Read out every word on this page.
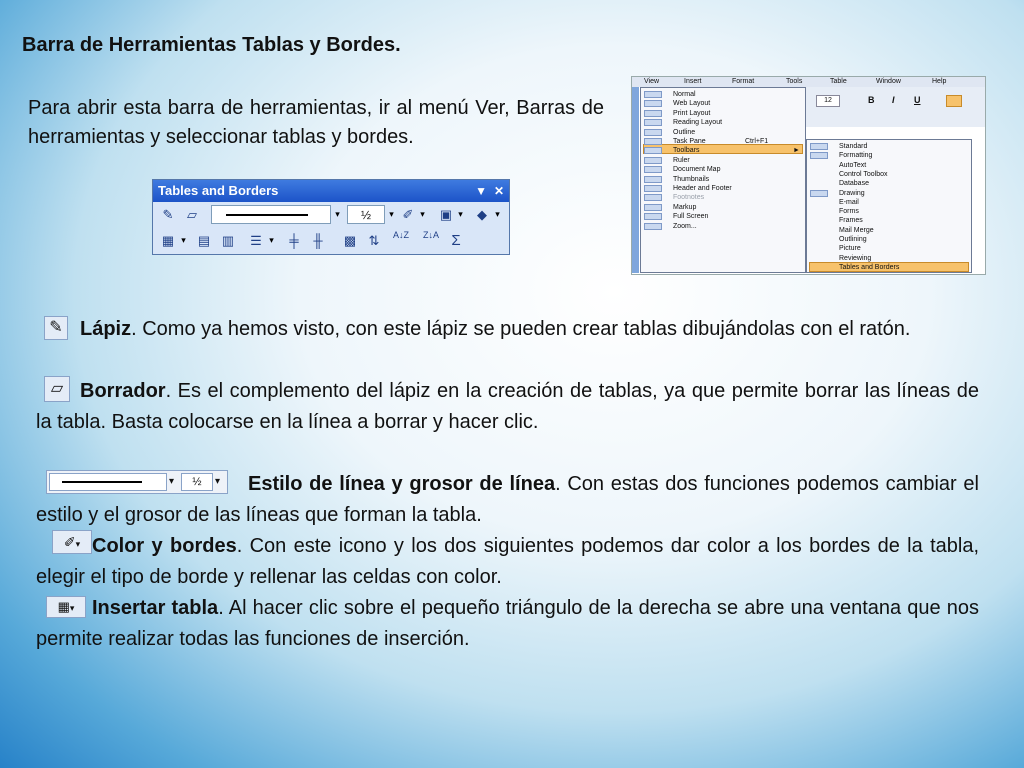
Barra de Herramientas Tablas y Bordes.
Para abrir esta barra de herramientas, ir al menú Ver, Barras de herramientas y seleccionar tablas y bordes.
Tables and Borders	▼ ✕
✎	▱	▾	½	▾ ✐ ▾ ▣ ▾	◆ ▾
▦ ▾ ▤ ▥ ☰ ▾	╪	╫	▩ ⇅	A↓Z	Z↓A Σ
View	Insert	Format	Tools	Table	Window	Help
12	B I U
Normal
Web Layout
Print Layout
Reading Layout
Outline
Task Pane	Ctrl+F1
Toolbars	►
Ruler
Document Map
Thumbnails
Header and Footer
Footnotes
Markup
Full Screen
Zoom...
Standard
Formatting
AutoText
Control Toolbox
Database
Drawing
E-mail
Forms
Frames
Mail Merge
Outlining
Picture
Reviewing
Tables and Borders
Lápiz. Como ya hemos visto, con este lápiz se pueden crear tablas dibujándolas con el ratón.
✎
Borrador. Es el complemento del lápiz en la creación de tablas, ya que permite borrar las líneas de la tabla. Basta colocarse en la línea a borrar y hacer clic.
▱
Estilo de línea y grosor de línea. Con estas dos funciones podemos cambiar el estilo y el grosor de las líneas que forman la tabla.
▾	½	▾
Color y bordes. Con este icono y los dos siguientes podemos dar color a los bordes de la tabla, elegir el tipo de borde y rellenar las celdas con color.
✐▾
Insertar tabla. Al hacer clic sobre el pequeño triángulo de la derecha se abre una ventana que nos permite realizar todas las funciones de inserción.
▦▾
